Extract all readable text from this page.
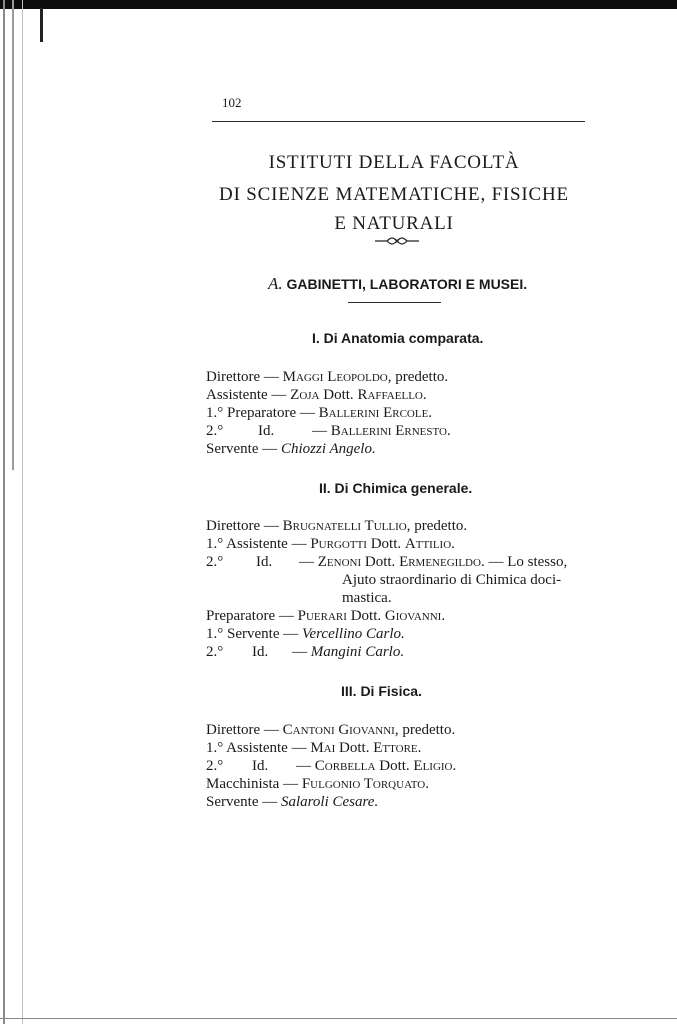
102
ISTITUTI DELLA FACOLTÀ
DI SCIENZE MATEMATICHE, FISICHE
E NATURALI
A. GABINETTI, LABORATORI E MUSEI.
I. Di Anatomia comparata.
Direttore — Maggi Leopoldo, predetto.
Assistente — Zoja Dott. Raffaello.
1.° Preparatore — Ballerini Ercole.
2.° Id.	— Ballerini Ernesto.
Servente — Chiozzi Angelo.
II. Di Chimica generale.
Direttore — Brugnatelli Tullio, predetto.
1.° Assistente — Purgotti Dott. Attilio.
2.° Id. — Zenoni Dott. Ermenegildo. — Lo stesso,
Ajuto straordinario di Chimica doci-
mastica.
Preparatore — Puerari Dott. Giovanni.
1.° Servente — Vercellino Carlo.
2.° Id. — Mangini Carlo.
III. Di Fisica.
Direttore — Cantoni Giovanni, predetto.
1.° Assistente — Mai Dott. Ettore.
2.° Id. — Corbella Dott. Eligio.
Macchinista — Fulgonio Torquato.
Servente — Salaroli Cesare.
